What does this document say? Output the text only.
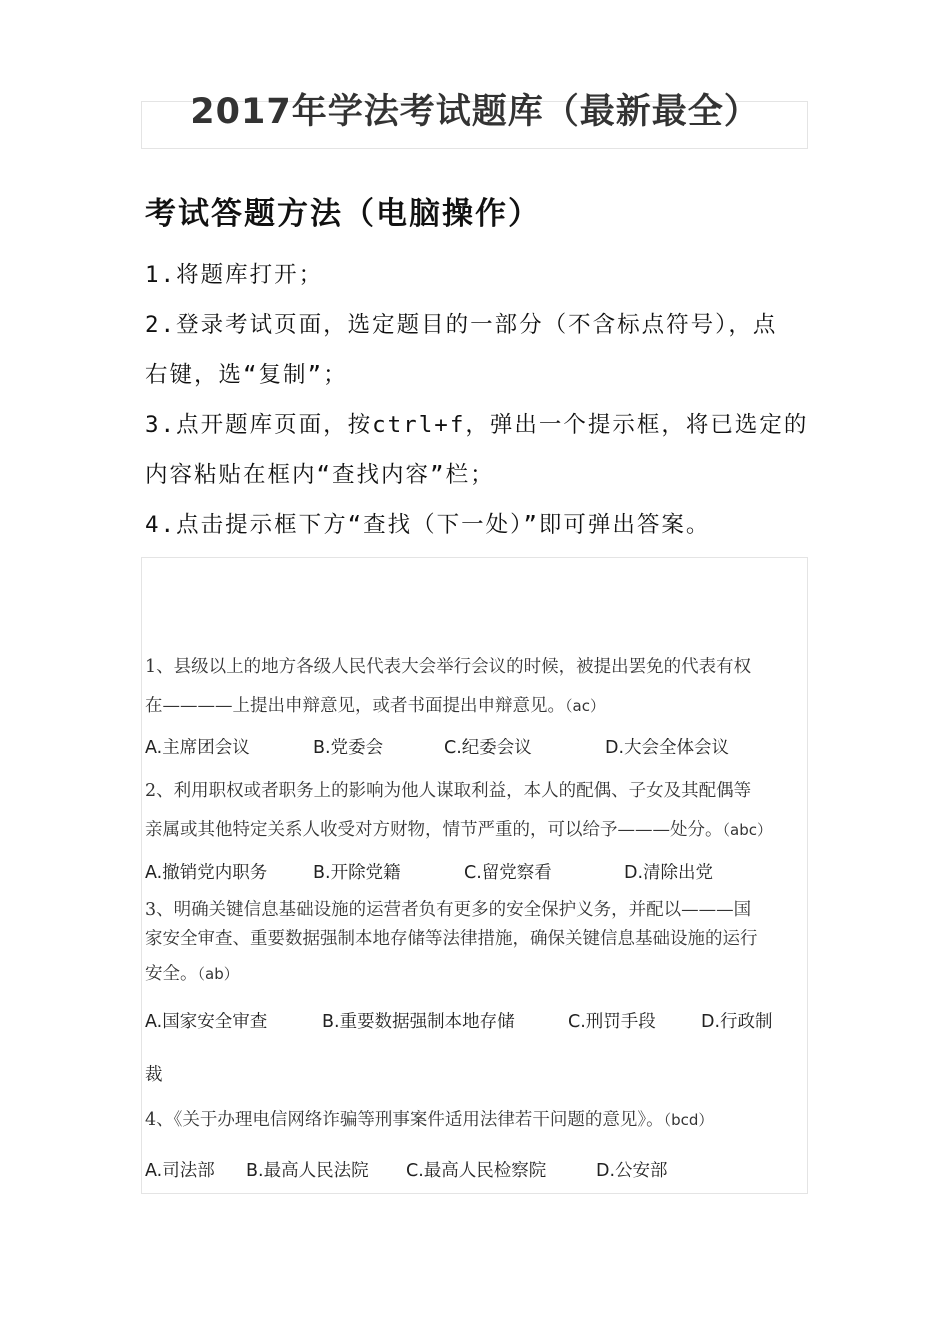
2017年学法考试题库（最新最全）
考试答题方法（电脑操作）

1.将题库打开；

2.登录考试页面，选定题目的一部分（不含标点符号），点

右键，选“复制”；

3.点开题库页面，按ctrl+f，弹出一个提示框，将已选定的

内容粘贴在框内“查找内容”栏；

4.点击提示框下方“查找（下一处）”即可弹出答案。

1、县级以上的地方各级人民代表大会举行会议的时候，被提出罢免的代表有权
在————上提出申辩意见，或者书面提出申辩意见。（ac）
A.主席团会议	B.党委会	C.纪委会议	D.大会全体会议
2、利用职权或者职务上的影响为他人谋取利益，本人的配偶、子女及其配偶等
亲属或其他特定关系人收受对方财物，情节严重的，可以给予———处分。（abc）
A.撤销党内职务	B.开除党籍	C.留党察看	D.清除出党
3、明确关键信息基础设施的运营者负有更多的安全保护义务，并配以———国
家安全审查、重要数据强制本地存储等法律措施，确保关键信息基础设施的运行
安全。（ab）
A.国家安全审查	B.重要数据强制本地存储	C.刑罚手段	D.行政制
裁
4、《关于办理电信网络诈骗等刑事案件适用法律若干问题的意见》。（bcd）
A.司法部 B.最高人民法院 C.最高人民检察院	D.公安部
